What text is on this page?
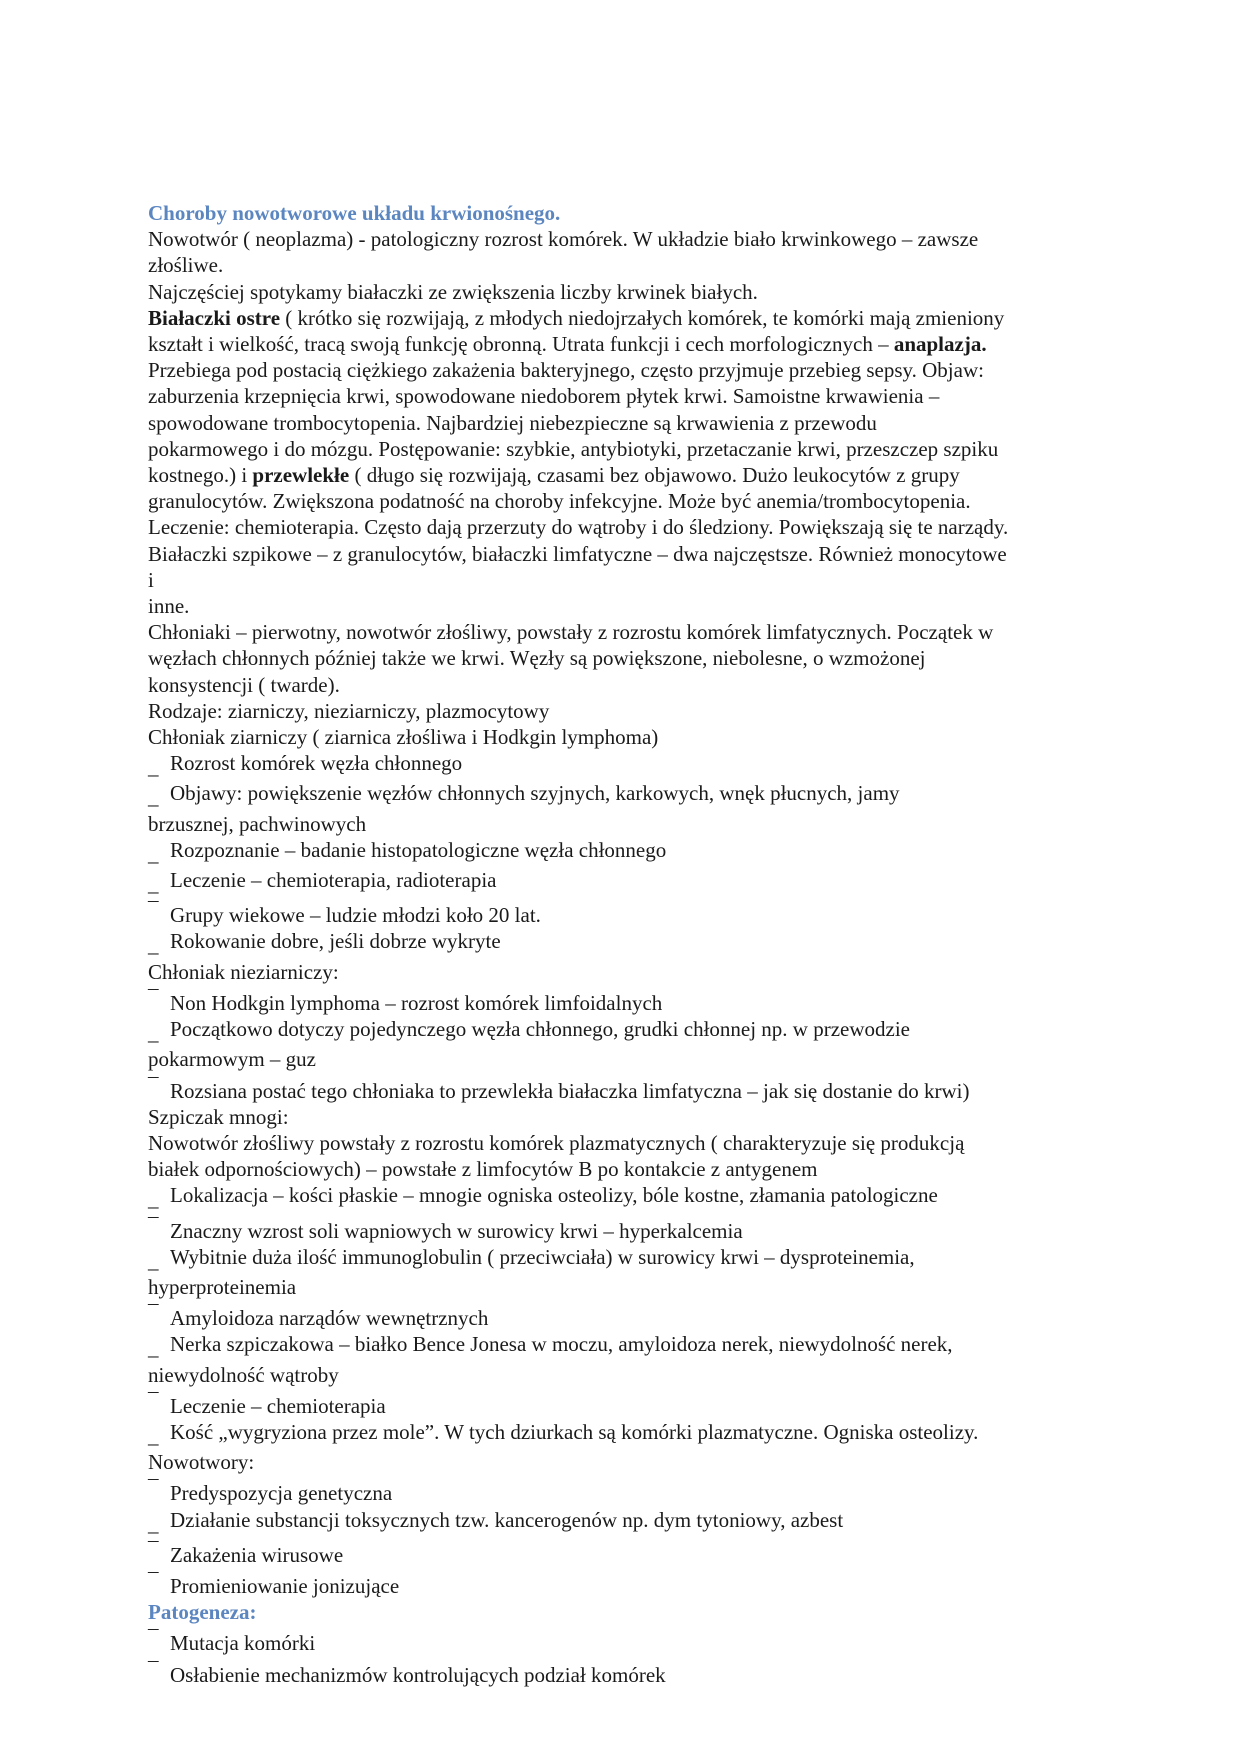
Choroby nowotworowe układu krwionośnego.
Nowotwór ( neoplazma) - patologiczny rozrost komórek. W układzie biało krwinkowego – zawsze
złośliwe.
Najczęściej spotykamy białaczki ze zwiększenia liczby krwinek białych.
Białaczki ostre ( krótko się rozwijają, z młodych niedojrzałych komórek, te komórki mają zmieniony
kształt i wielkość, tracą swoją funkcję obronną. Utrata funkcji i cech morfologicznych – anaplazja.
Przebiega pod postacią ciężkiego zakażenia bakteryjnego, często przyjmuje przebieg sepsy. Objaw:
zaburzenia krzepnięcia krwi, spowodowane niedoborem płytek krwi. Samoistne krwawienia –
spowodowane trombocytopenia. Najbardziej niebezpieczne są krwawienia z przewodu
pokarmowego i do mózgu. Postępowanie: szybkie, antybiotyki, przetaczanie krwi, przeszczep szpiku
kostnego.) i przewlekłe ( długo się rozwijają, czasami bez objawowo. Dużo leukocytów z grupy
granulocytów. Zwiększona podatność na choroby infekcyjne. Może być anemia/trombocytopenia.
Leczenie: chemioterapia. Często dają przerzuty do wątroby i do śledziony. Powiększają się te narządy.
Białaczki szpikowe – z granulocytów, białaczki limfatyczne – dwa najczęstsze. Również monocytowe
i
inne.
Chłoniaki – pierwotny, nowotwór złośliwy, powstały z rozrostu komórek limfatycznych. Początek w
węzłach chłonnych później także we krwi. Węzły są powiększone, niebolesne, o wzmożonej
konsystencji ( twarde).
Rodzaje: ziarniczy, nieziarniczy, plazmocytowy
Chłoniak ziarniczy ( ziarnica złośliwa i Hodkgin lymphoma)
_ Rozrost komórek węzła chłonnego
_ Objawy: powiększenie węzłów chłonnych szyjnych, karkowych, wnęk płucnych, jamy
brzusznej, pachwinowych
_ Rozpoznanie – badanie histopatologiczne węzła chłonnego
_ Leczenie – chemioterapia, radioterapia
¯ Grupy wiekowe – ludzie młodzi koło 20 lat.
_ Rokowanie dobre, jeśli dobrze wykryte
Chłoniak nieziarniczy:
¯ Non Hodkgin lymphoma – rozrost komórek limfoidalnych
_ Początkowo dotyczy pojedynczego węzła chłonnego, grudki chłonnej np. w przewodzie
pokarmowym – guz
¯ Rozsiana postać tego chłoniaka to przewlekła białaczka limfatyczna – jak się dostanie do krwi)
Szpiczak mnogi:
Nowotwór złośliwy powstały z rozrostu komórek plazmatycznych ( charakteryzuje się produkcją
białek odpornościowych) – powstałe z limfocytów B po kontakcie z antygenem
_ Lokalizacja – kości płaskie – mnogie ogniska osteolizy, bóle kostne, złamania patologiczne
¯ Znaczny wzrost soli wapniowych w surowicy krwi – hyperkalcemia
_ Wybitnie duża ilość immunoglobulin ( przeciwciała) w surowicy krwi – dysproteinemia,
hyperproteinemia
¯ Amyloidoza narządów wewnętrznych
_ Nerka szpiczakowa – białko Bence Jonesa w moczu, amyloidoza nerek, niewydolność nerek,
niewydolność wątroby
¯ Leczenie – chemioterapia
_ Kość „wygryziona przez mole”. W tych dziurkach są komórki plazmatyczne. Ogniska osteolizy.
Nowotwory:
¯ Predyspozycja genetyczna
_ Działanie substancji toksycznych tzw. kancerogenów np. dym tytoniowy, azbest
¯ Zakażenia wirusowe
¯ Promieniowanie jonizujące
Patogeneza:
¯ Mutacja komórki
¯ Osłabienie mechanizmów kontrolujących podział komórek
